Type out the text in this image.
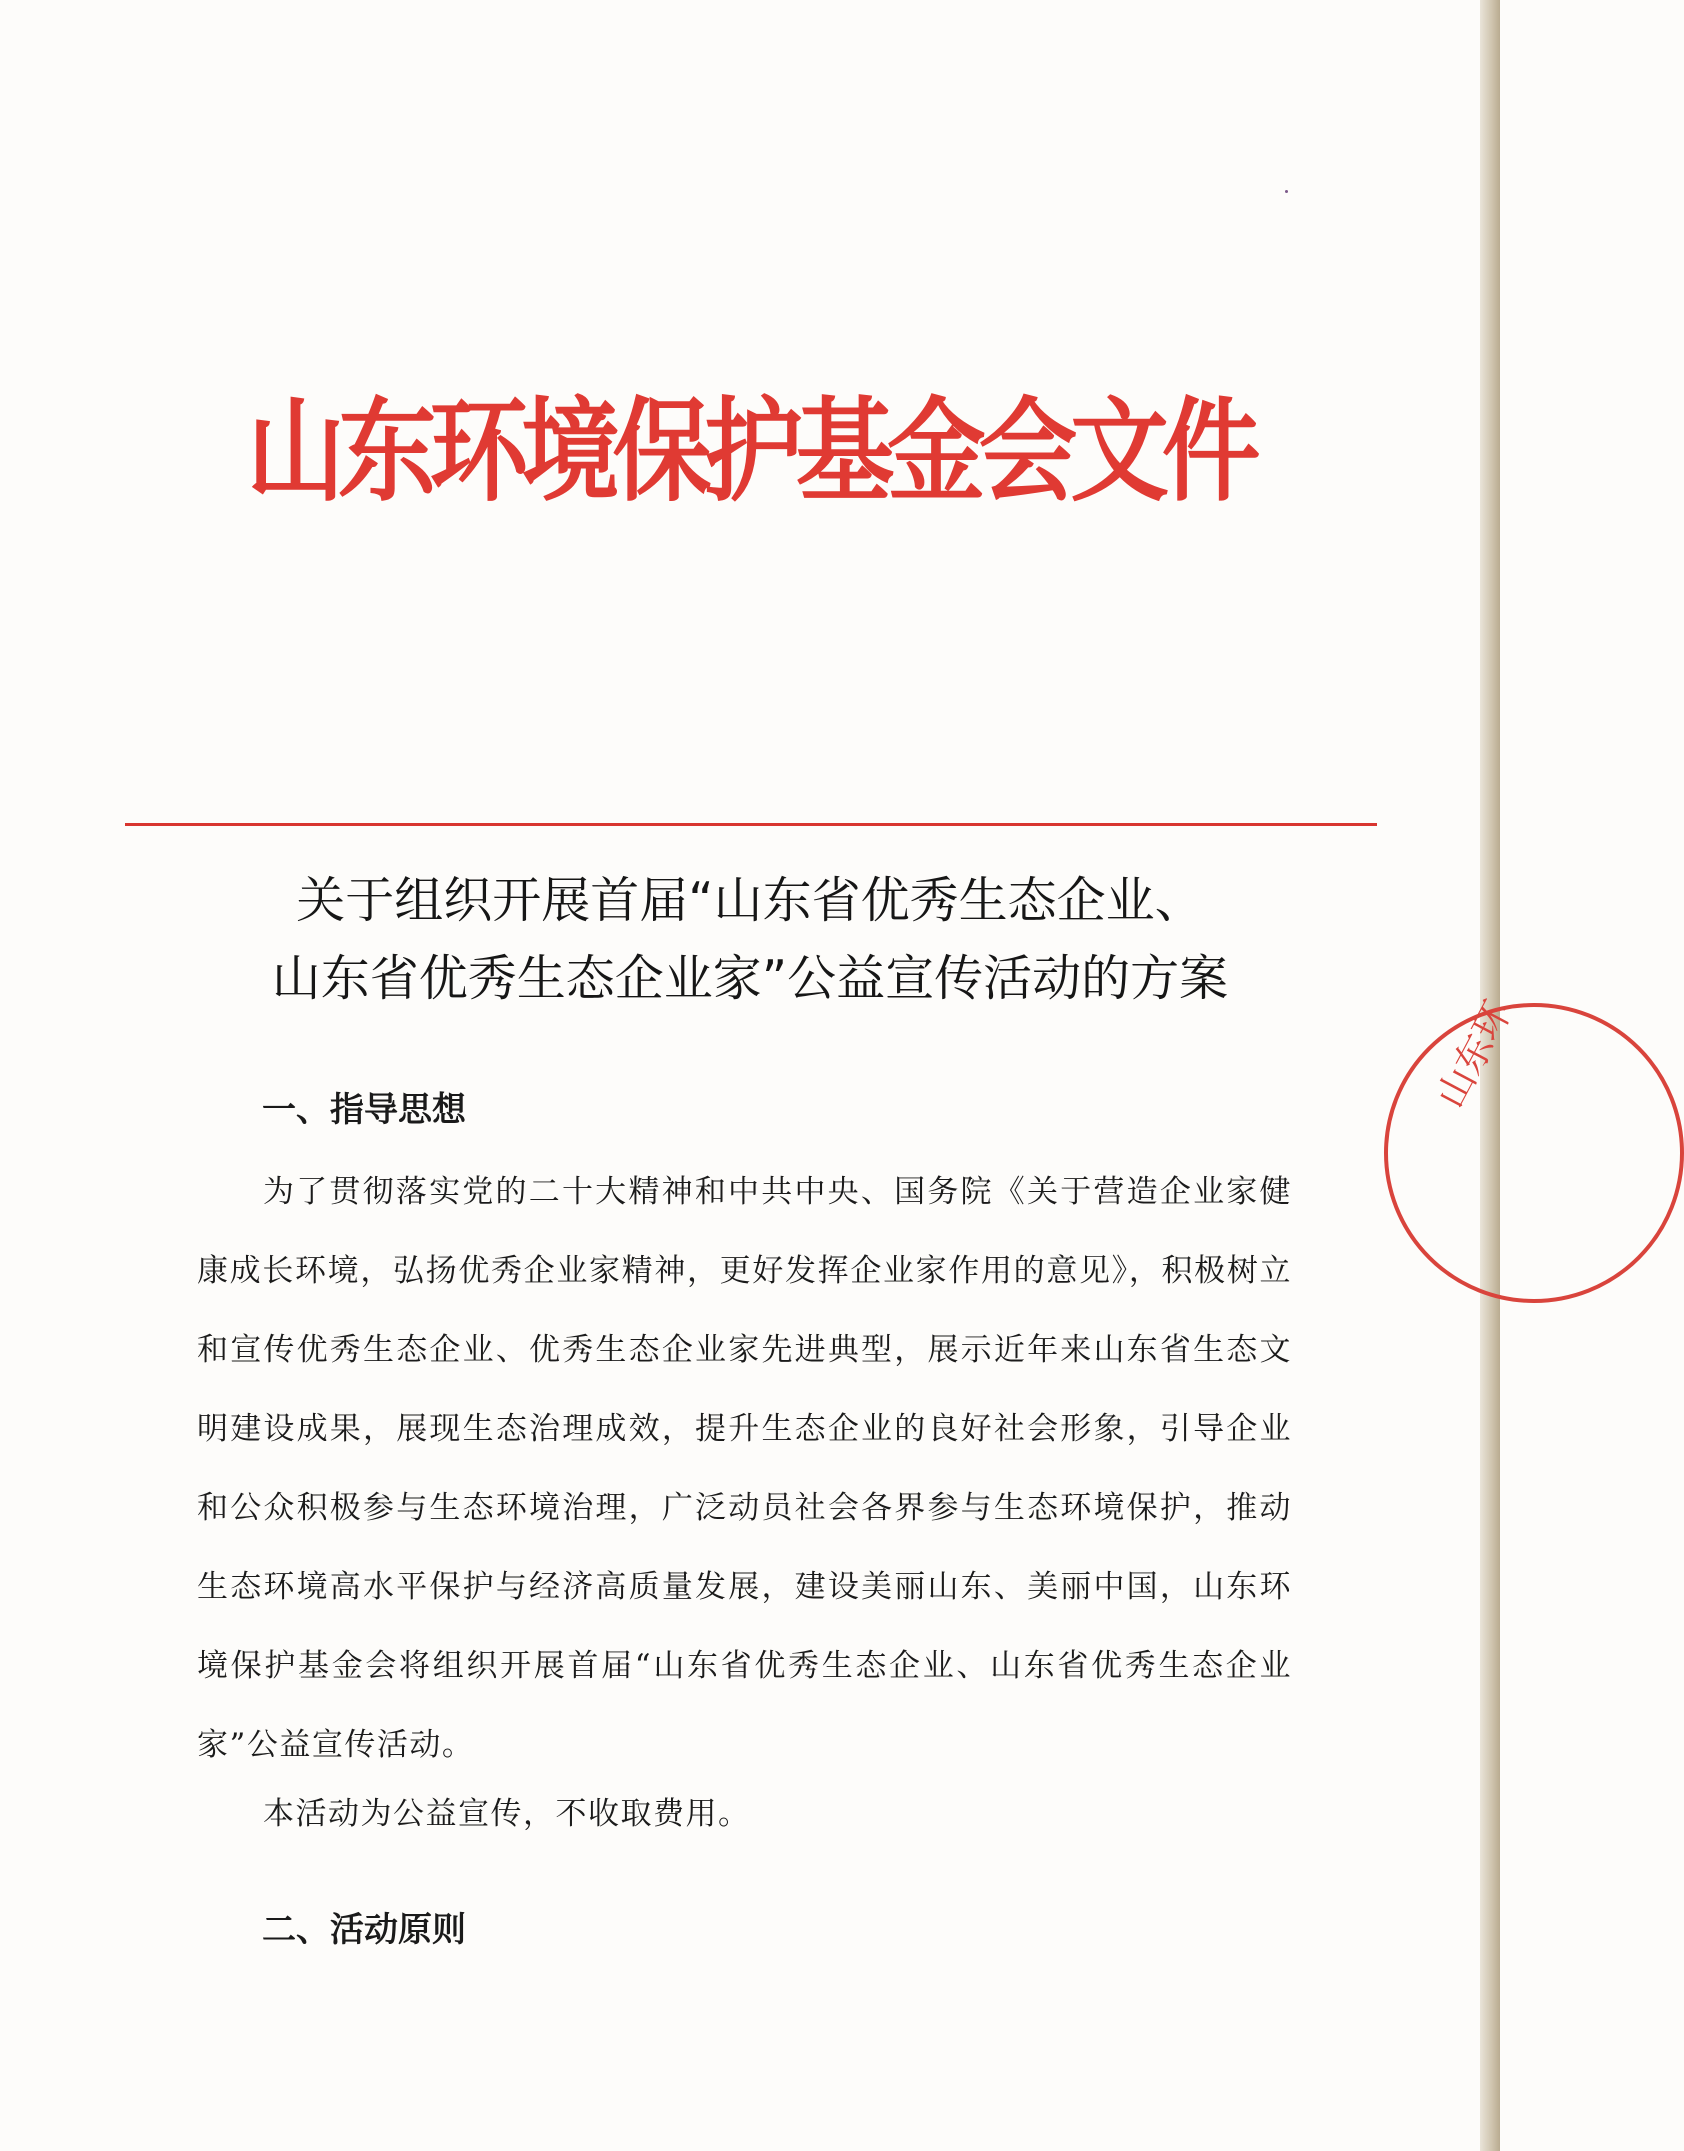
山东环境保护基金会文件
关于组织开展首届“山东省优秀生态企业、
山东省优秀生态企业家”公益宣传活动的方案
一、指导思想

为了贯彻落实党的二十大精神和中共中央、国务院《关于营造企业家健康成长环境，弘扬优秀企业家精神，更好发挥企业家作用的意见》，积极树立和宣传优秀生态企业、优秀生态企业家先进典型，展示近年来山东省生态文明建设成果，展现生态治理成效，提升生态企业的良好社会形象，引导企业和公众积极参与生态环境治理，广泛动员社会各界参与生态环境保护，推动生态环境高水平保护与经济高质量发展，建设美丽山东、美丽中国，山东环境保护基金会将组织开展首届“山东省优秀生态企业、山东省优秀生态企业家”公益宣传活动。

本活动为公益宣传，不收取费用。

二、活动原则
山东环
